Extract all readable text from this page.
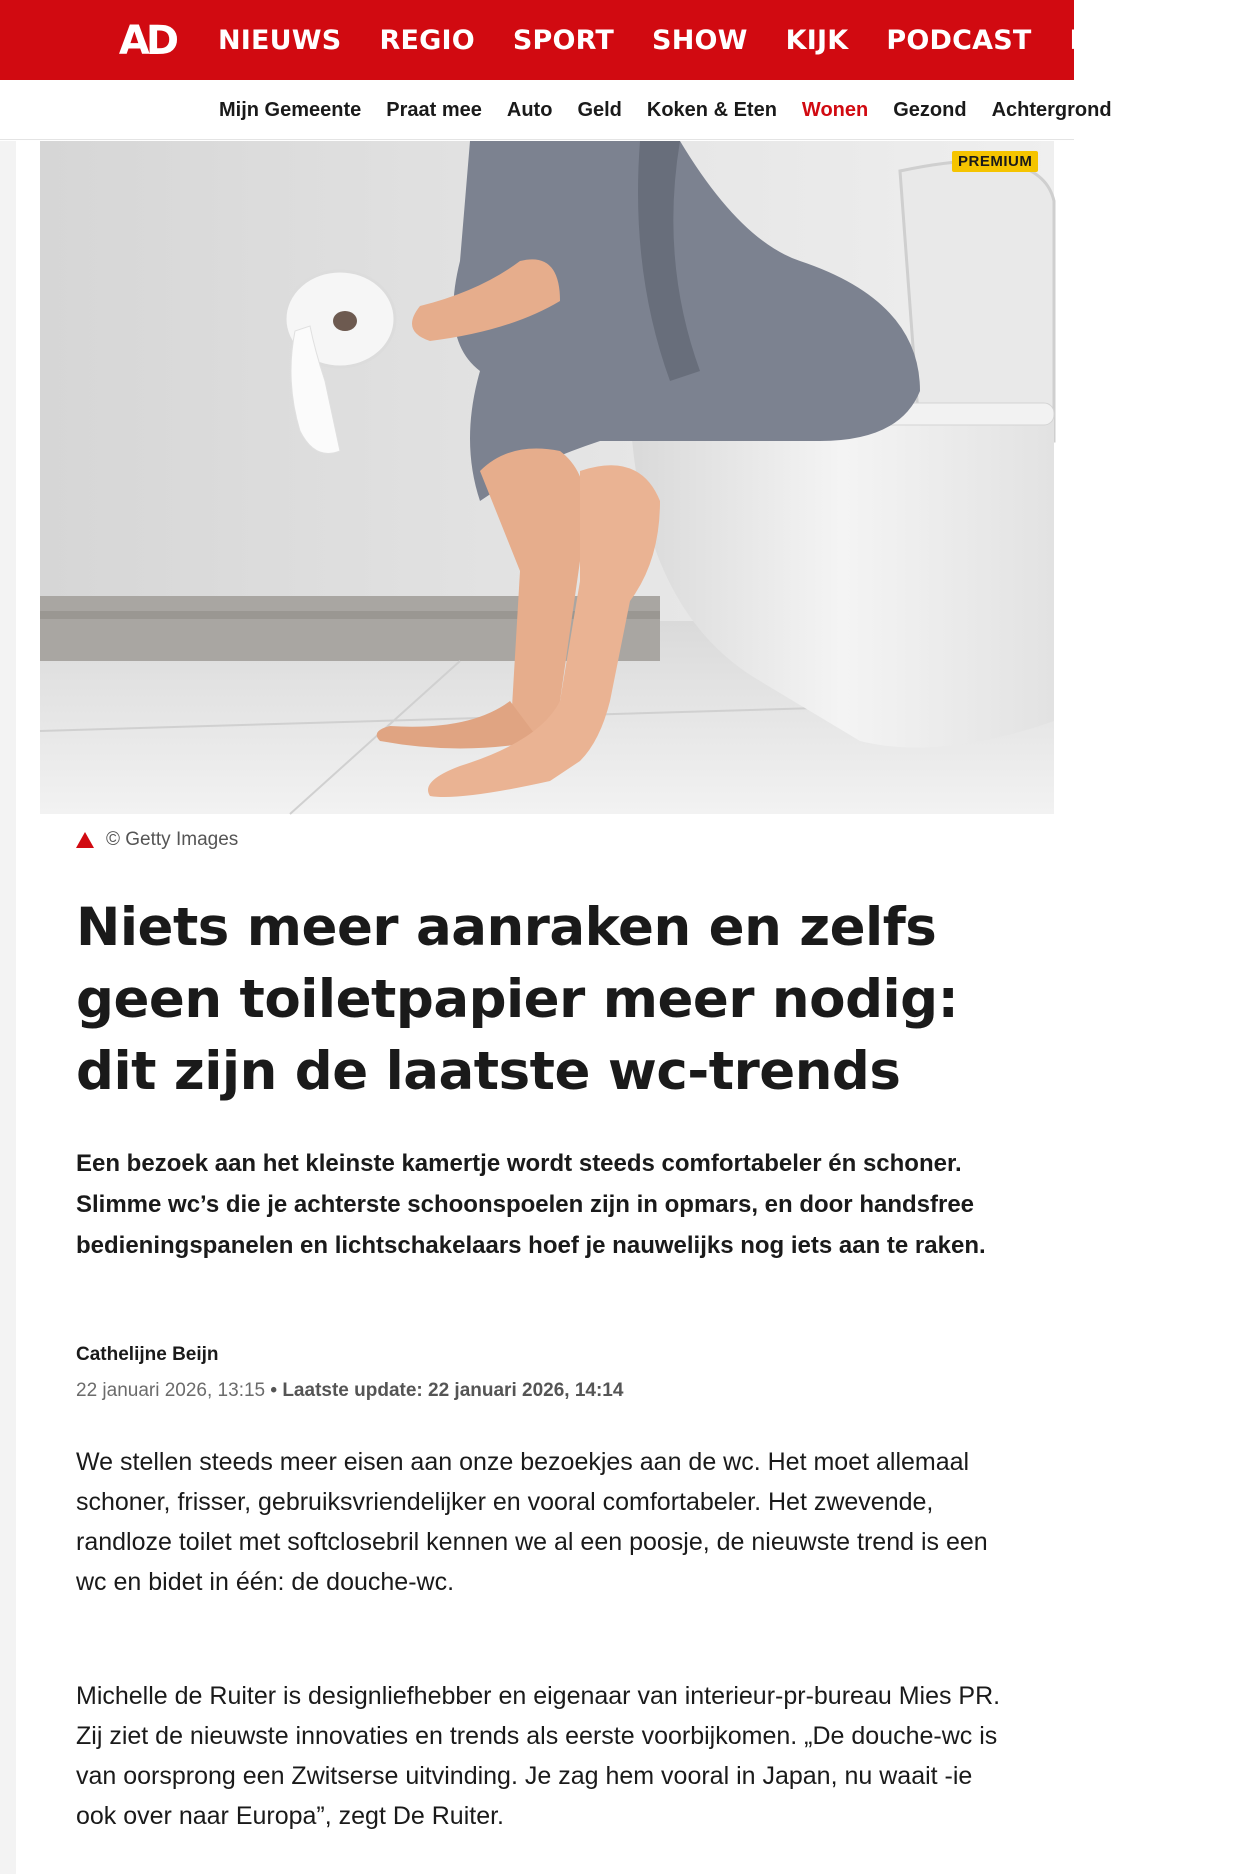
AD NIEUWS REGIO SPORT SHOW KIJK PODCAST PUZZELS
Mijn Gemeente Praat mee Auto Geld Koken & Eten Wonen Gezond Achtergrond
PREMIUM
© Getty Images
Niets meer aanraken en zelfs geen toiletpapier meer nodig: dit zijn de laatste wc-trends

Een bezoek aan het kleinste kamertje wordt steeds comfortabeler én schoner. Slimme wc’s die je achterste schoonspoelen zijn in opmars, en door handsfree bedieningspanelen en lichtschakelaars hoef je nauwelijks nog iets aan te raken.

Cathelijne Beijn
22 januari 2026, 13:15 • Laatste update: 22 januari 2026, 14:14

We stellen steeds meer eisen aan onze bezoekjes aan de wc. Het moet allemaal schoner, frisser, gebruiksvriendelijker en vooral comfortabeler. Het zwevende, randloze toilet met softclosebril kennen we al een poosje, de nieuwste trend is een wc en bidet in één: de douche-wc.

Michelle de Ruiter is designliefhebber en eigenaar van interieur-pr-bureau Mies PR. Zij ziet de nieuwste innovaties en trends als eerste voorbijkomen. „De douche-wc is van oorsprong een Zwitserse uitvinding. Je zag hem vooral in Japan, nu waait -ie ook over naar Europa”, zegt De Ruiter.
